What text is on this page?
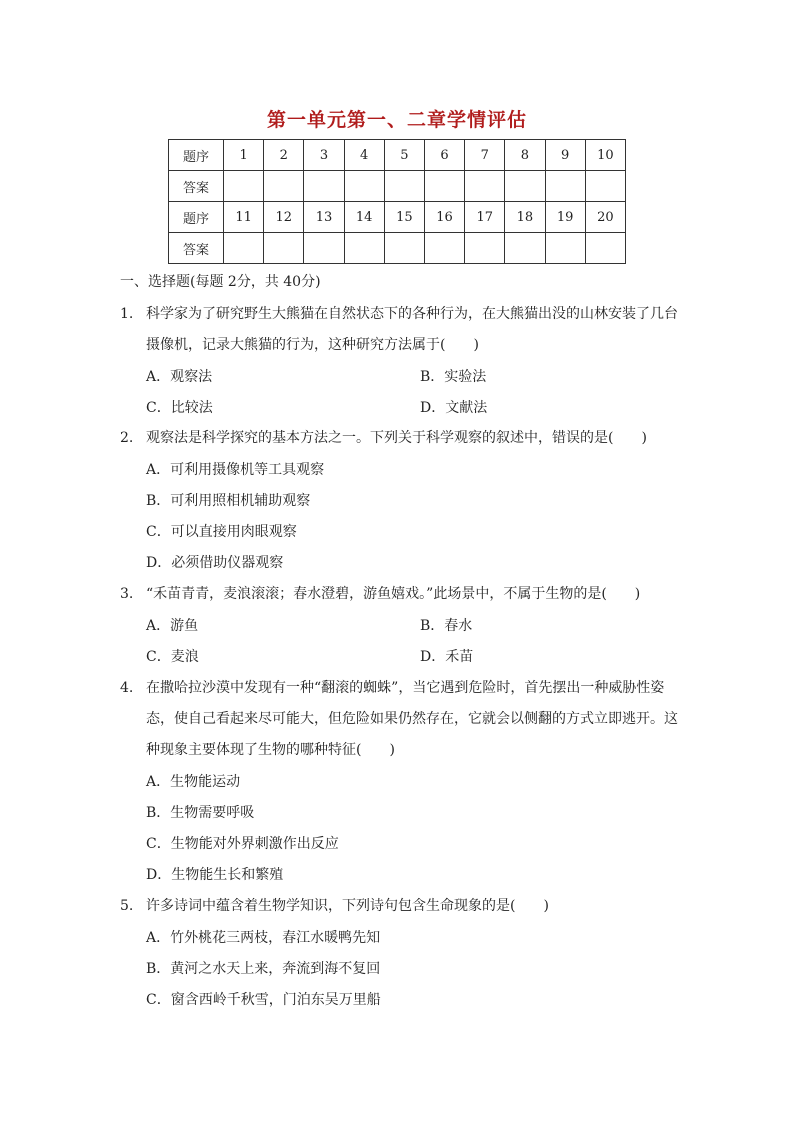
第一单元第一、二章学情评估
题序	1	2	3	4	5	6	7	8	9	10
答案										
题序	11	12	13	14	15	16	17	18	19	20
答案										
一、选择题(每题 2分，共 40分)
1. 科学家为了研究野生大熊猫在自然状态下的各种行为，在大熊猫出没的山林安装了几台
摄像机，记录大熊猫的行为，这种研究方法属于(　　)
A．观察法	B．实验法
C．比较法	D．文献法
2. 观察法是科学探究的基本方法之一。下列关于科学观察的叙述中，错误的是(　　)
A．可利用摄像机等工具观察
B．可利用照相机辅助观察
C．可以直接用肉眼观察
D．必须借助仪器观察
3. “禾苗青青，麦浪滚滚；春水澄碧，游鱼嬉戏。”此场景中，不属于生物的是(　　)
A．游鱼	B．春水
C．麦浪	D．禾苗
4. 在撒哈拉沙漠中发现有一种“翻滚的蜘蛛”，当它遇到危险时，首先摆出一种威胁性姿
态，使自己看起来尽可能大，但危险如果仍然存在，它就会以侧翻的方式立即逃开。这
种现象主要体现了生物的哪种特征(　　)
A．生物能运动
B．生物需要呼吸
C．生物能对外界刺激作出反应
D．生物能生长和繁殖
5. 许多诗词中蕴含着生物学知识，下列诗句包含生命现象的是(　　)
A．竹外桃花三两枝，春江水暖鸭先知
B．黄河之水天上来，奔流到海不复回
C．窗含西岭千秋雪，门泊东吴万里船
